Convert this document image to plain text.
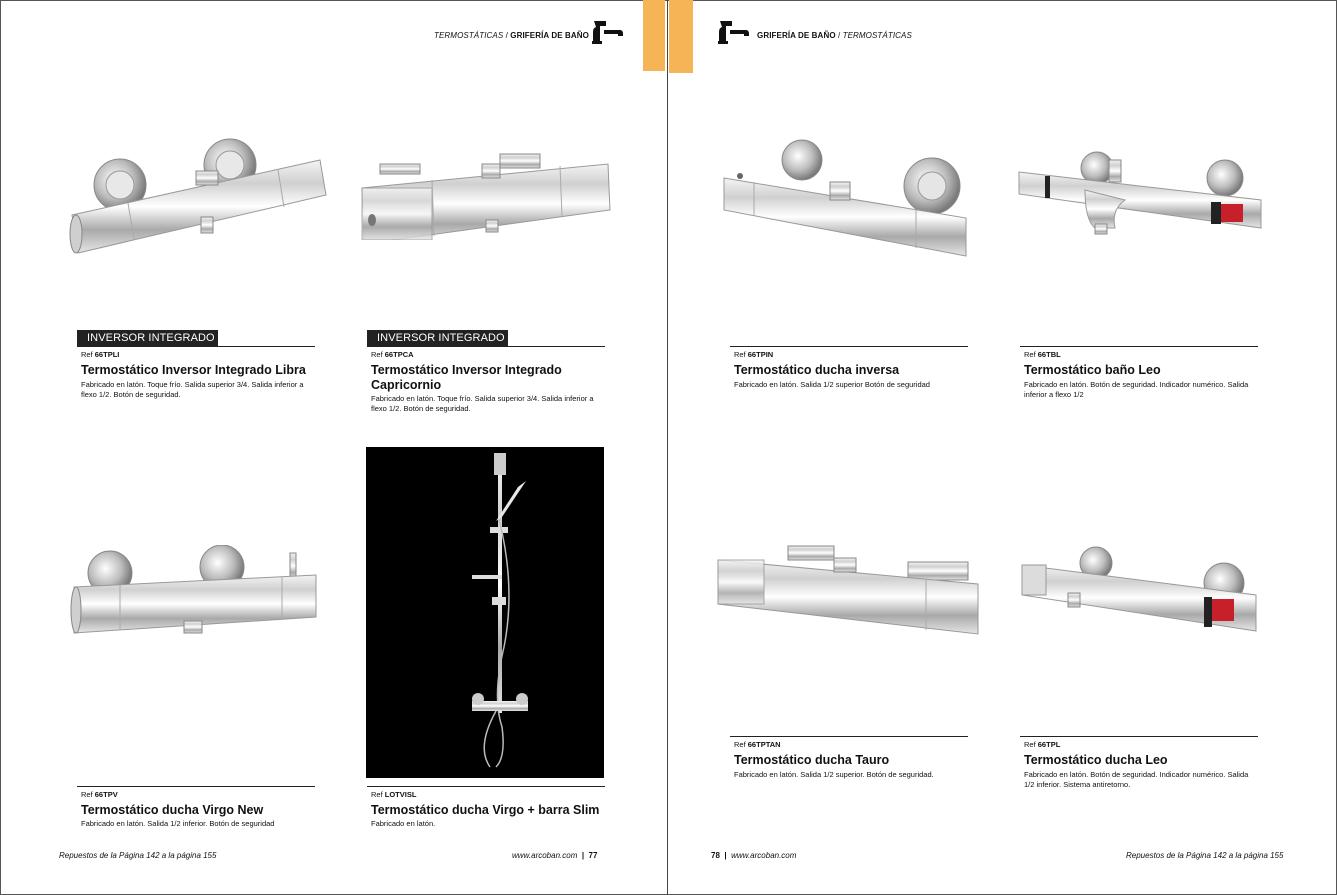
TERMOSTÁTICAS / GRIFERÍA DE BAÑO	GRIFERÍA DE BAÑO / TERMOSTÁTICAS
INVERSOR INTEGRADO
Ref 66TPLI
Termostático Inversor Integrado Libra
Fabricado en latón. Toque frío. Salida superior 3/4. Salida inferior a flexo 1/2. Botón de seguridad.
INVERSOR INTEGRADO
Ref 66TPCA
Termostático Inversor Integrado Capricornio
Fabricado en latón. Toque frío. Salida superior 3/4. Salida inferior a flexo 1/2. Botón de seguridad.
Ref 66TPV
Termostático ducha Virgo New
Fabricado en latón. Salida 1/2 inferior. Botón de seguridad
Ref LOTVISL
Termostático ducha Virgo + barra Slim
Fabricado en latón.
Ref 66TPIN
Termostático ducha inversa
Fabricado en latón. Salida 1/2 superior Botón de seguridad
Ref 66TBL
Termostático baño Leo
Fabricado en latón. Botón de seguridad. Indicador numérico. Salida inferior a flexo 1/2
Ref 66TPTAN
Termostático ducha Tauro
Fabricado en latón. Salida 1/2 superior. Botón de seguridad.
Ref 66TPL
Termostático ducha Leo
Fabricado en latón. Botón de seguridad. Indicador numérico. Salida 1/2 inferior. Sistema antiretorno.
Repuestos de la Página 142 a la página 155	www.arcoban.com | 77	78 | www.arcoban.com	Repuestos de la Página 142 a la página 155
